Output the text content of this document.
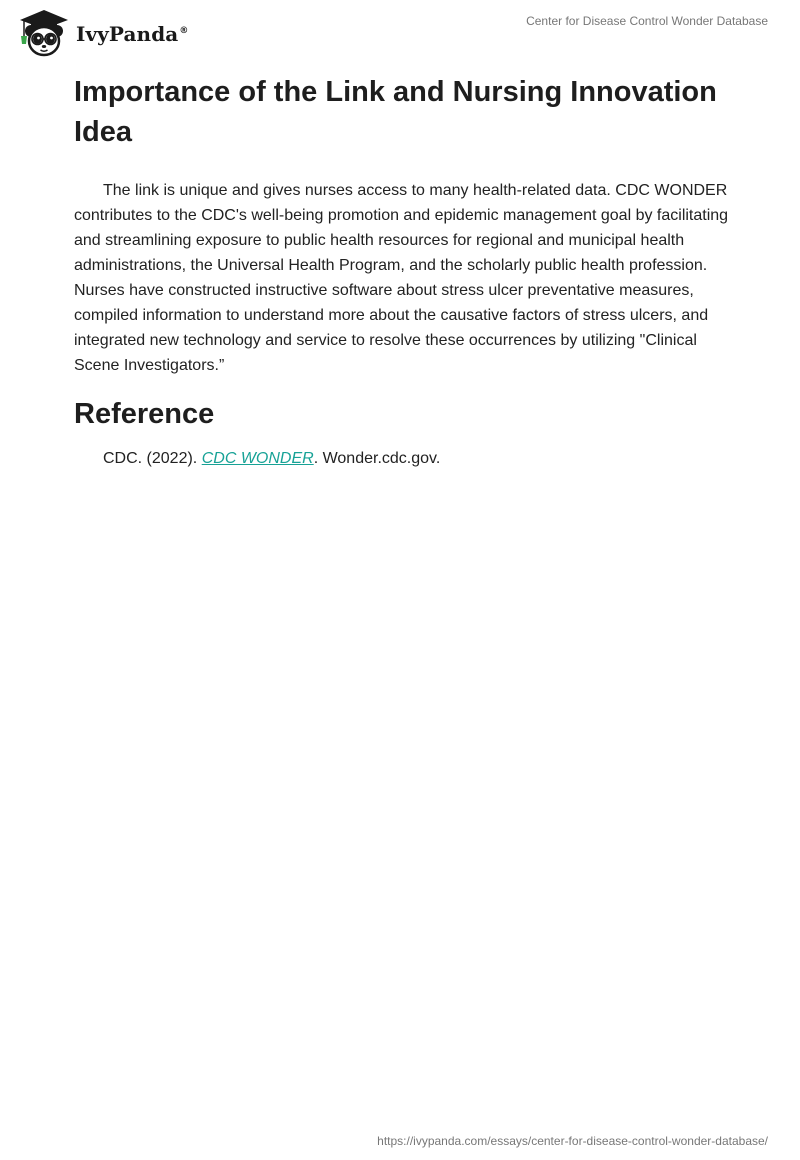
IvyPanda®
Center for Disease Control Wonder Database
Importance of the Link and Nursing Innovation Idea

The link is unique and gives nurses access to many health-related data. CDC WONDER contributes to the CDC's well-being promotion and epidemic management goal by facilitating and streamlining exposure to public health resources for regional and municipal health administrations, the Universal Health Program, and the scholarly public health profession. Nurses have constructed instructive software about stress ulcer preventative measures, compiled information to understand more about the causative factors of stress ulcers, and integrated new technology and service to resolve these occurrences by utilizing "Clinical Scene Investigators.”

Reference

CDC. (2022). CDC WONDER. Wonder.cdc.gov.

https://ivypanda.com/essays/center-for-disease-control-wonder-database/
